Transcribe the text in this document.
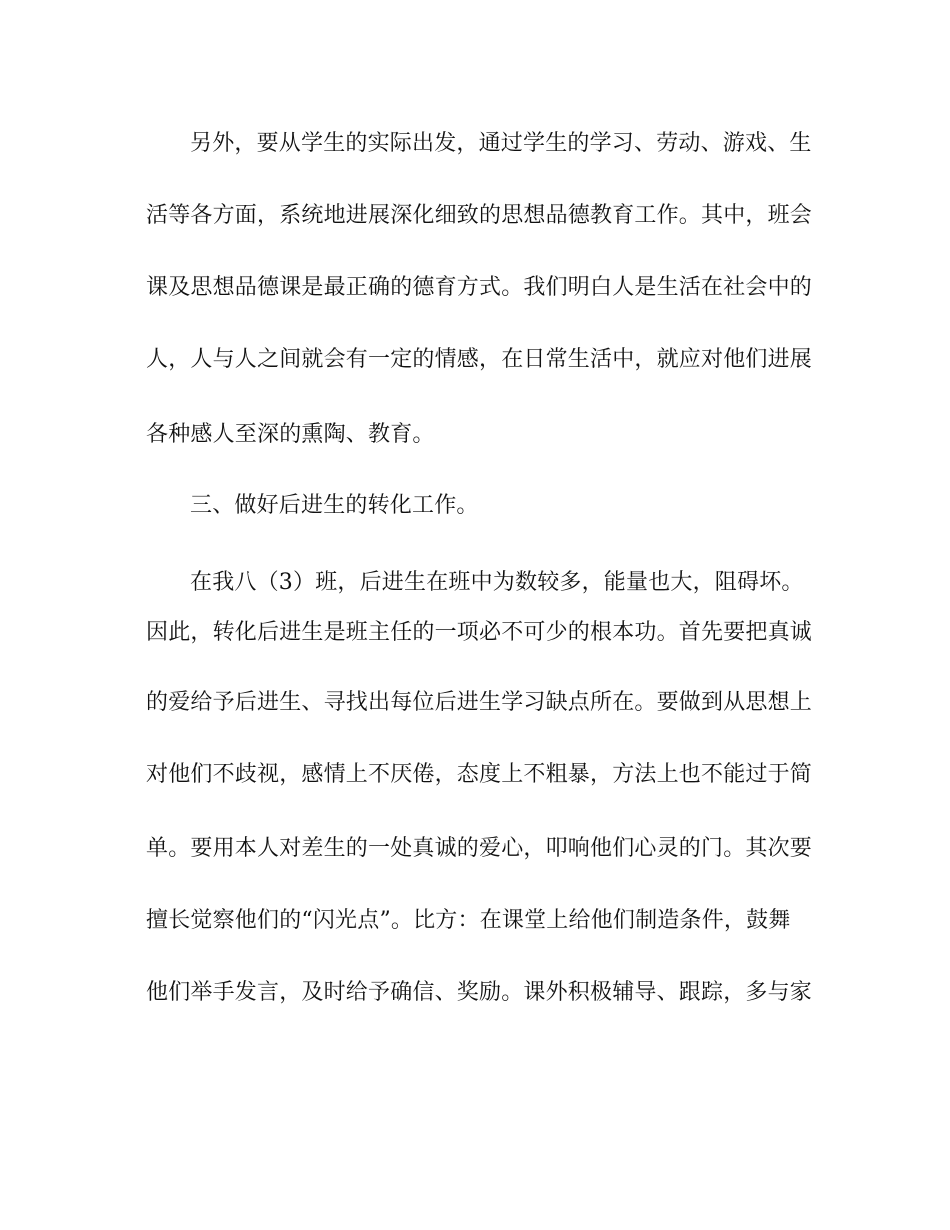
另外，要从学生的实际出发，通过学生的学习、劳动、游戏、生
活等各方面，系统地进展深化细致的思想品德教育工作。其中，班会
课及思想品德课是最正确的德育方式。我们明白人是生活在社会中的
人，人与人之间就会有一定的情感，在日常生活中，就应对他们进展
各种感人至深的熏陶、教育。
三、做好后进生的转化工作。
在我八（3）班，后进生在班中为数较多，能量也大，阻碍坏。
因此，转化后进生是班主任的一项必不可少的根本功。首先要把真诚
的爱给予后进生、寻找出每位后进生学习缺点所在。要做到从思想上
对他们不歧视，感情上不厌倦，态度上不粗暴，方法上也不能过于简
单。要用本人对差生的一处真诚的爱心，叩响他们心灵的门。其次要
擅长觉察他们的“闪光点”。比方：在课堂上给他们制造条件，鼓舞
他们举手发言，及时给予确信、奖励。课外积极辅导、跟踪，多与家
